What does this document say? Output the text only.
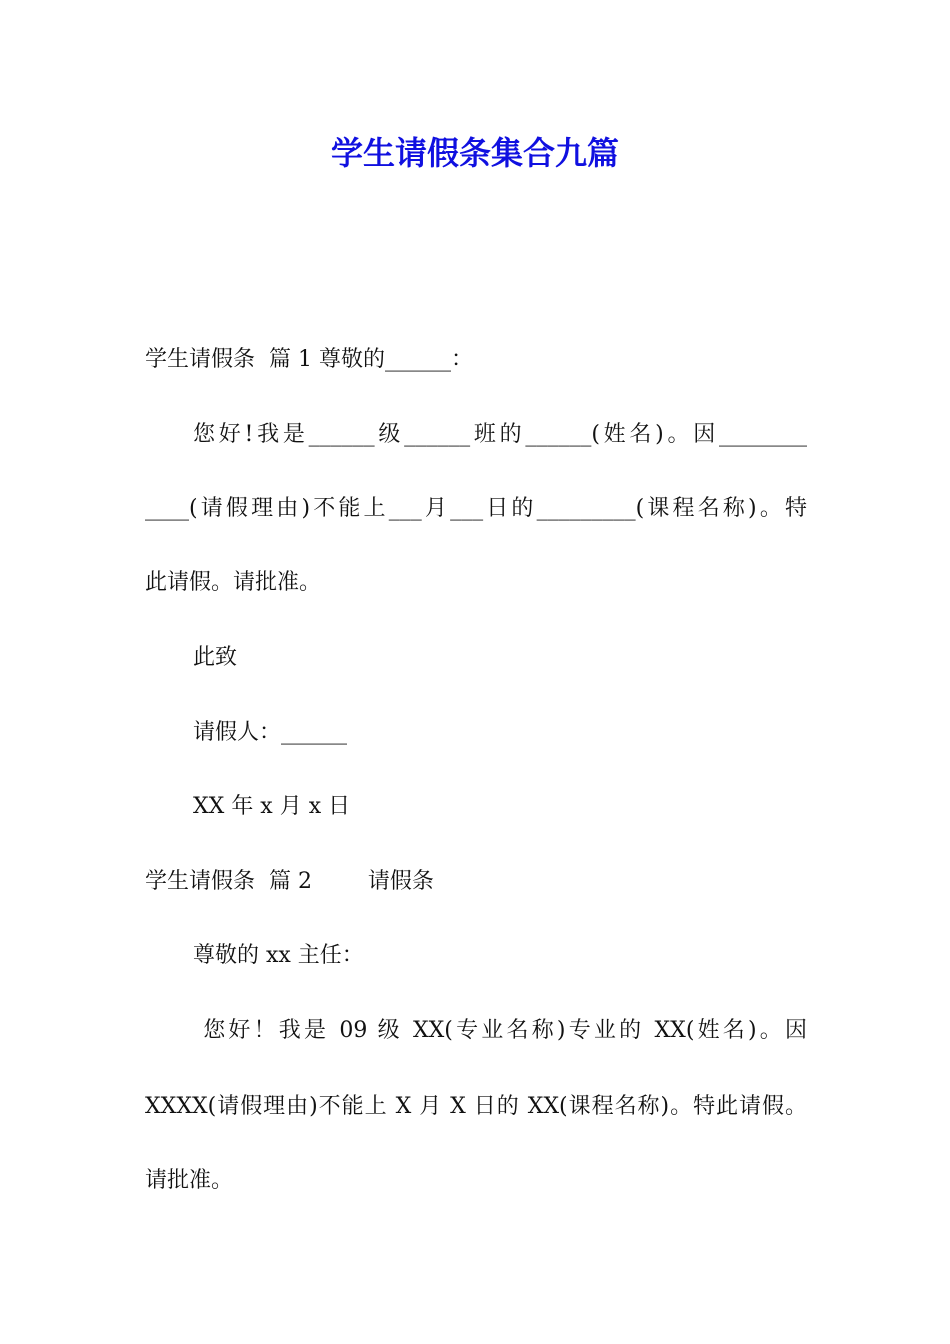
学生请假条集合九篇

学生请假条  篇 1 尊敬的______：

您好!我是______级______班的______(姓名)。因________

____(请假理由)不能上___月___日的_________(课程名称)。特

此请假。请批准。

此致

请假人：______

XX 年 x 月 x 日

学生请假条  篇 2        请假条

尊敬的 xx 主任：

您好！我是 09 级 XX(专业名称)专业的 XX(姓名)。因

XXXX(请假理由)不能上 X 月 X 日的 XX(课程名称)。特此请假。

请批准。
